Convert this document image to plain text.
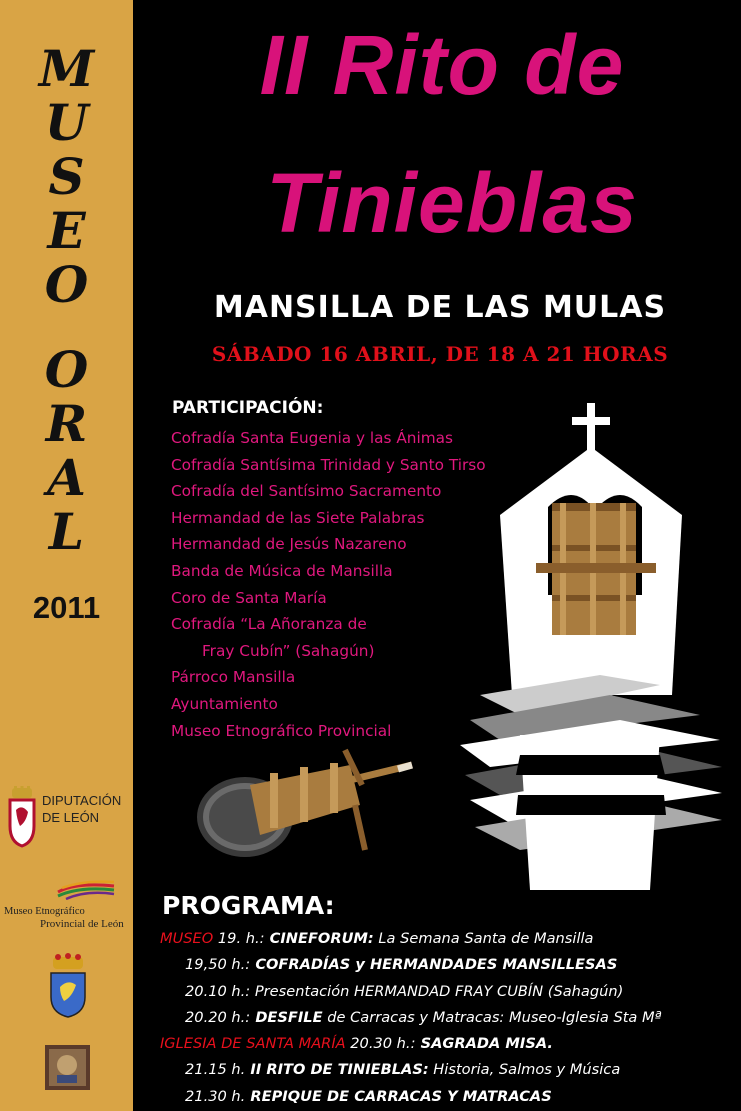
M
U
S
E
O
O
R
A
L
2011
DIPUTACIÓN
DE LEÓN
Museo Etnográfico
Provincial de León
II Rito de
Tinieblas
MANSILLA DE LAS MULAS
SÁBADO 16 ABRIL, DE 18 A 21 HORAS
PARTICIPACIÓN:
Cofradía Santa Eugenia y las Ánimas
Cofradía Santísima Trinidad y Santo Tirso
Cofradía del Santísimo Sacramento
Hermandad de las Siete Palabras
Hermandad de Jesús Nazareno
Banda de Música de Mansilla
Coro de Santa María
Cofradía “La Añoranza de
Fray Cubín” (Sahagún)
Párroco Mansilla
Ayuntamiento
Museo Etnográfico Provincial
PROGRAMA:
MUSEO 19. h.: CINEFORUM: La Semana Santa de Mansilla
19,50 h.: COFRADÍAS y HERMANDADES MANSILLESAS
20.10 h.: Presentación HERMANDAD FRAY CUBÍN (Sahagún)
20.20 h.: DESFILE de Carracas y Matracas: Museo-Iglesia Sta Mª
IGLESIA DE SANTA MARÍA 20.30 h.: SAGRADA MISA.
21.15 h. II RITO DE TINIEBLAS: Historia, Salmos y Música
21.30 h. REPIQUE DE CARRACAS Y MATRACAS
